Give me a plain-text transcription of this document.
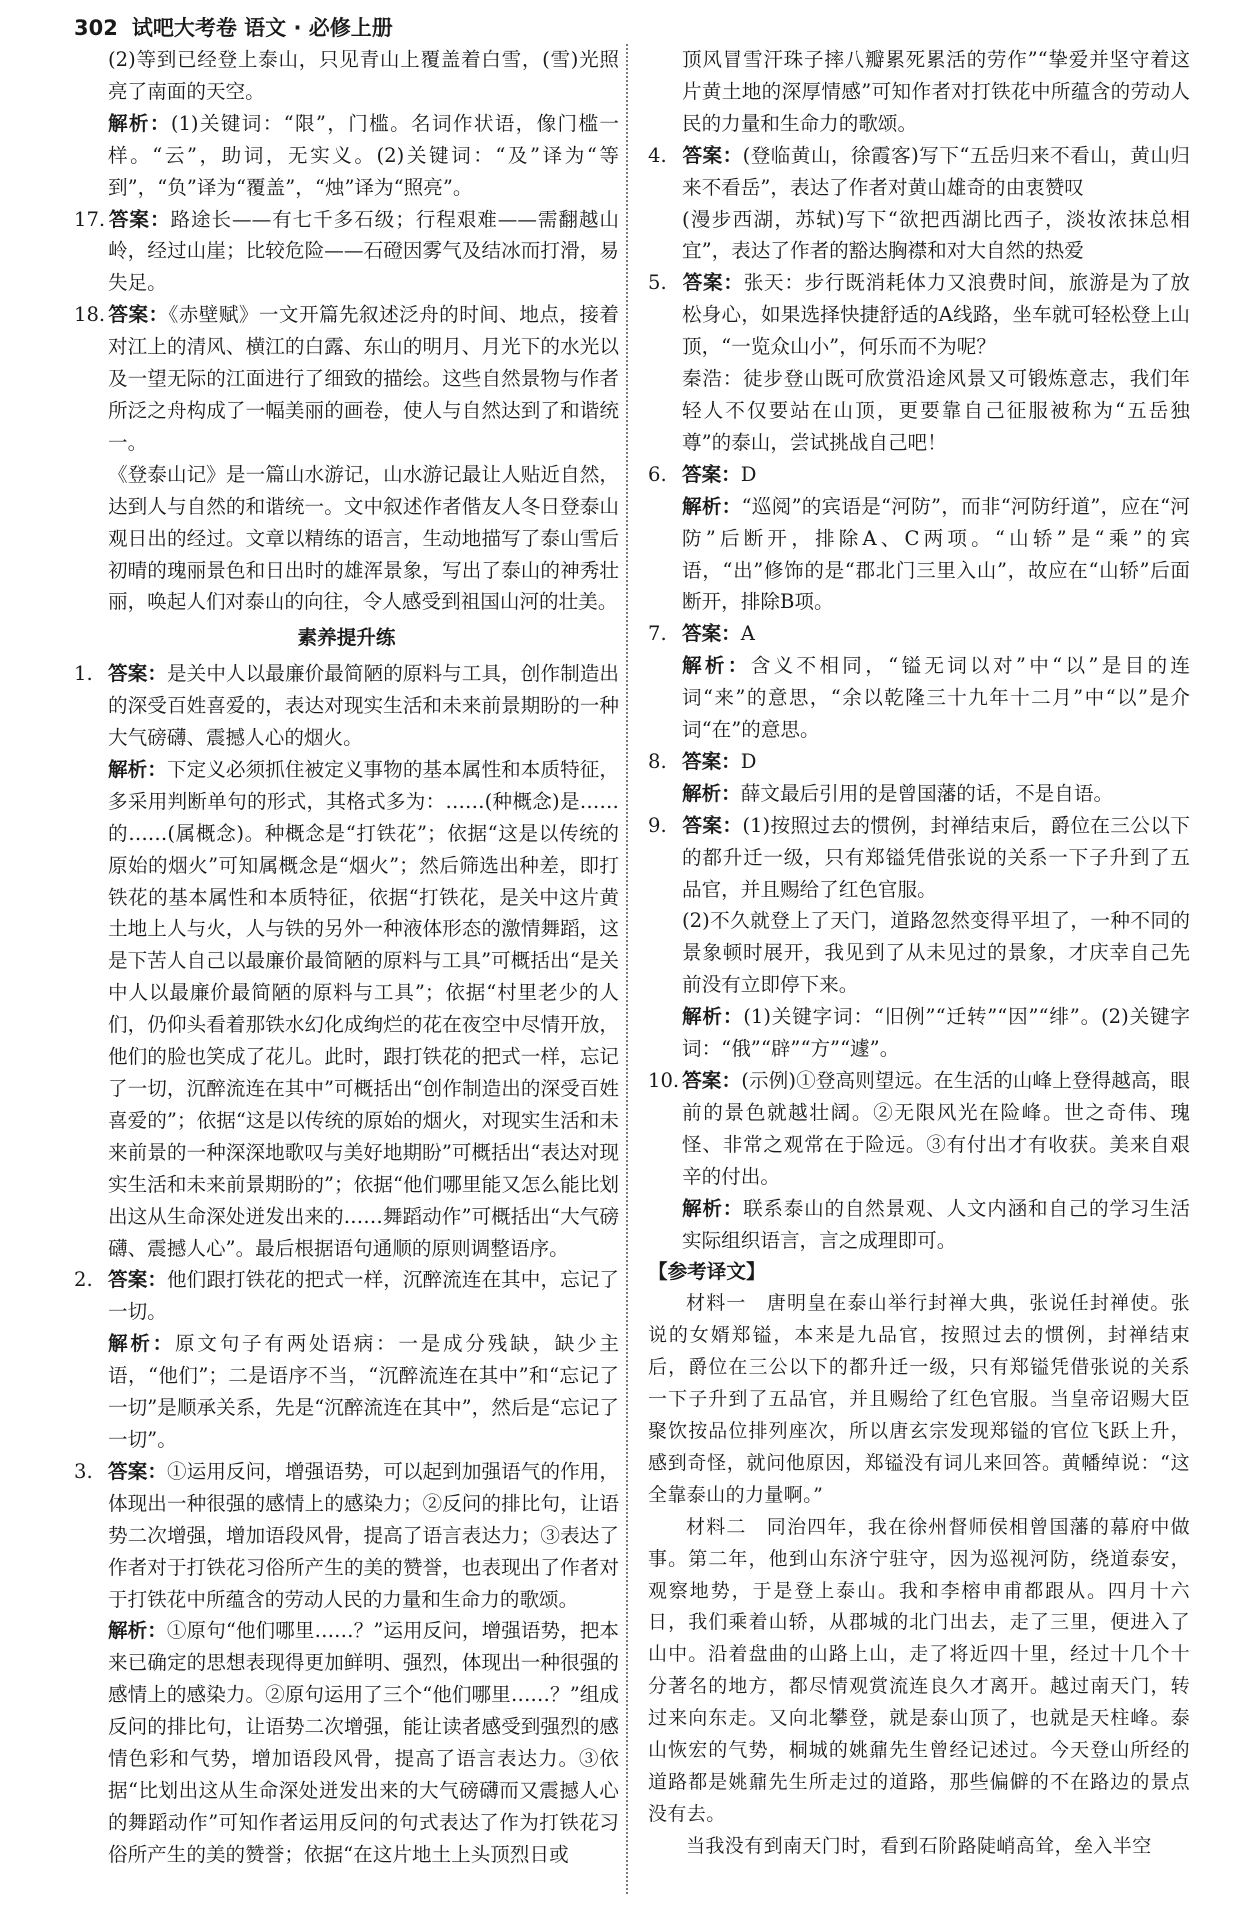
302 试吧大考卷 语文 · 必修上册

(2)等到已经登上泰山，只见青山上覆盖着白雪，(雪)光照亮了南面的天空。

解析：(1)关键词：“限”，门槛。名词作状语，像门槛一样。“云”，助词，无实义。(2)关键词：“及”译为“等到”，“负”译为“覆盖”，“烛”译为“照亮”。

17. 答案：路途长——有七千多石级；行程艰难——需翻越山岭，经过山崖；比较危险——石磴因雾气及结冰而打滑，易失足。

18. 答案：《赤壁赋》一文开篇先叙述泛舟的时间、地点，接着对江上的清风、横江的白露、东山的明月、月光下的水光以及一望无际的江面进行了细致的描绘。这些自然景物与作者所泛之舟构成了一幅美丽的画卷，使人与自然达到了和谐统一。

《登泰山记》是一篇山水游记，山水游记最让人贴近自然，达到人与自然的和谐统一。文中叙述作者偕友人冬日登泰山观日出的经过。文章以精练的语言，生动地描写了泰山雪后初晴的瑰丽景色和日出时的雄浑景象，写出了泰山的神秀壮丽，唤起人们对泰山的向往，令人感受到祖国山河的壮美。

素养提升练

1. 答案：是关中人以最廉价最简陋的原料与工具，创作制造出的深受百姓喜爱的，表达对现实生活和未来前景期盼的一种大气磅礴、震撼人心的烟火。

解析：下定义必须抓住被定义事物的基本属性和本质特征，多采用判断单句的形式，其格式多为：……(种概念)是……的……(属概念)。种概念是“打铁花”；依据“这是以传统的原始的烟火”可知属概念是“烟火”；然后筛选出种差，即打铁花的基本属性和本质特征，依据“打铁花，是关中这片黄土地上人与火，人与铁的另外一种液体形态的激情舞蹈，这是下苦人自己以最廉价最简陋的原料与工具”可概括出“是关中人以最廉价最简陋的原料与工具”；依据“村里老少的人们，仍仰头看着那铁水幻化成绚烂的花在夜空中尽情开放，他们的脸也笑成了花儿。此时，跟打铁花的把式一样，忘记了一切，沉醉流连在其中”可概括出“创作制造出的深受百姓喜爱的”；依据“这是以传统的原始的烟火，对现实生活和未来前景的一种深深地歌叹与美好地期盼”可概括出“表达对现实生活和未来前景期盼的”；依据“他们哪里能又怎么能比划出这从生命深处迸发出来的……舞蹈动作”可概括出“大气磅礴、震撼人心”。最后根据语句通顺的原则调整语序。

2. 答案：他们跟打铁花的把式一样，沉醉流连在其中，忘记了一切。

解析：原文句子有两处语病：一是成分残缺，缺少主语，“他们”；二是语序不当，“沉醉流连在其中”和“忘记了一切”是顺承关系，先是“沉醉流连在其中”，然后是“忘记了一切”。

3. 答案：①运用反问，增强语势，可以起到加强语气的作用，体现出一种很强的感情上的感染力；②反问的排比句，让语势二次增强，增加语段风骨，提高了语言表达力；③表达了作者对于打铁花习俗所产生的美的赞誉，也表现出了作者对于打铁花中所蕴含的劳动人民的力量和生命力的歌颂。

解析：①原句“他们哪里……？”运用反问，增强语势，把本来已确定的思想表现得更加鲜明、强烈，体现出一种很强的感情上的感染力。②原句运用了三个“他们哪里……？”组成反问的排比句，让语势二次增强，能让读者感受到强烈的感情色彩和气势，增加语段风骨，提高了语言表达力。③依据“比划出这从生命深处迸发出来的大气磅礴而又震撼人心的舞蹈动作”可知作者运用反问的句式表达了作为打铁花习俗所产生的美的赞誉；依据“在这片地土上头顶烈日或

顶风冒雪汗珠子摔八瓣累死累活的劳作”“挚爱并坚守着这片黄土地的深厚情感”可知作者对打铁花中所蕴含的劳动人民的力量和生命力的歌颂。

4. 答案：(登临黄山，徐霞客)写下“五岳归来不看山，黄山归来不看岳”，表达了作者对黄山雄奇的由衷赞叹

(漫步西湖，苏轼)写下“欲把西湖比西子，淡妆浓抹总相宜”，表达了作者的豁达胸襟和对大自然的热爱

5. 答案：张天：步行既消耗体力又浪费时间，旅游是为了放松身心，如果选择快捷舒适的A线路，坐车就可轻松登上山顶，“一览众山小”，何乐而不为呢？

秦浩：徒步登山既可欣赏沿途风景又可锻炼意志，我们年轻人不仅要站在山顶，更要靠自己征服被称为“五岳独尊”的泰山，尝试挑战自己吧！

6. 答案：D

解析：“巡阅”的宾语是“河防”，而非“河防纡道”，应在“河防”后断开，排除A、C两项。“山轿”是“乘”的宾语，“出”修饰的是“郡北门三里入山”，故应在“山轿”后面断开，排除B项。

7. 答案：A

解析：含义不相同，“镒无词以对”中“以”是目的连词“来”的意思，“余以乾隆三十九年十二月”中“以”是介词“在”的意思。

8. 答案：D

解析：薛文最后引用的是曾国藩的话，不是自语。

9. 答案：(1)按照过去的惯例，封禅结束后，爵位在三公以下的都升迁一级，只有郑镒凭借张说的关系一下子升到了五品官，并且赐给了红色官服。

(2)不久就登上了天门，道路忽然变得平坦了，一种不同的景象顿时展开，我见到了从未见过的景象，才庆幸自己先前没有立即停下来。

解析：(1)关键字词：“旧例”“迁转”“因”“绯”。(2)关键字词：“俄”“辟”“方”“遽”。

10. 答案：(示例)①登高则望远。在生活的山峰上登得越高，眼前的景色就越壮阔。②无限风光在险峰。世之奇伟、瑰怪、非常之观常在于险远。③有付出才有收获。美来自艰辛的付出。

解析：联系泰山的自然景观、人文内涵和自己的学习生活实际组织语言，言之成理即可。

【参考译文】

材料一　唐明皇在泰山举行封禅大典，张说任封禅使。张说的女婿郑镒，本来是九品官，按照过去的惯例，封禅结束后，爵位在三公以下的都升迁一级，只有郑镒凭借张说的关系一下子升到了五品官，并且赐给了红色官服。当皇帝诏赐大臣聚饮按品位排列座次，所以唐玄宗发现郑镒的官位飞跃上升，感到奇怪，就问他原因，郑镒没有词儿来回答。黄幡绰说：“这全靠泰山的力量啊。”

材料二　同治四年，我在徐州督师侯相曾国藩的幕府中做事。第二年，他到山东济宁驻守，因为巡视河防，绕道泰安，观察地势，于是登上泰山。我和李榕申甫都跟从。四月十六日，我们乘着山轿，从郡城的北门出去，走了三里，便进入了山中。沿着盘曲的山路上山，走了将近四十里，经过十几个十分著名的地方，都尽情观赏流连良久才离开。越过南天门，转过来向东走。又向北攀登，就是泰山顶了，也就是天柱峰。泰山恢宏的气势，桐城的姚鼐先生曾经记述过。今天登山所经的道路都是姚鼐先生所走过的道路，那些偏僻的不在路边的景点没有去。

当我没有到南天门时，看到石阶路陡峭高耸，垒入半空
